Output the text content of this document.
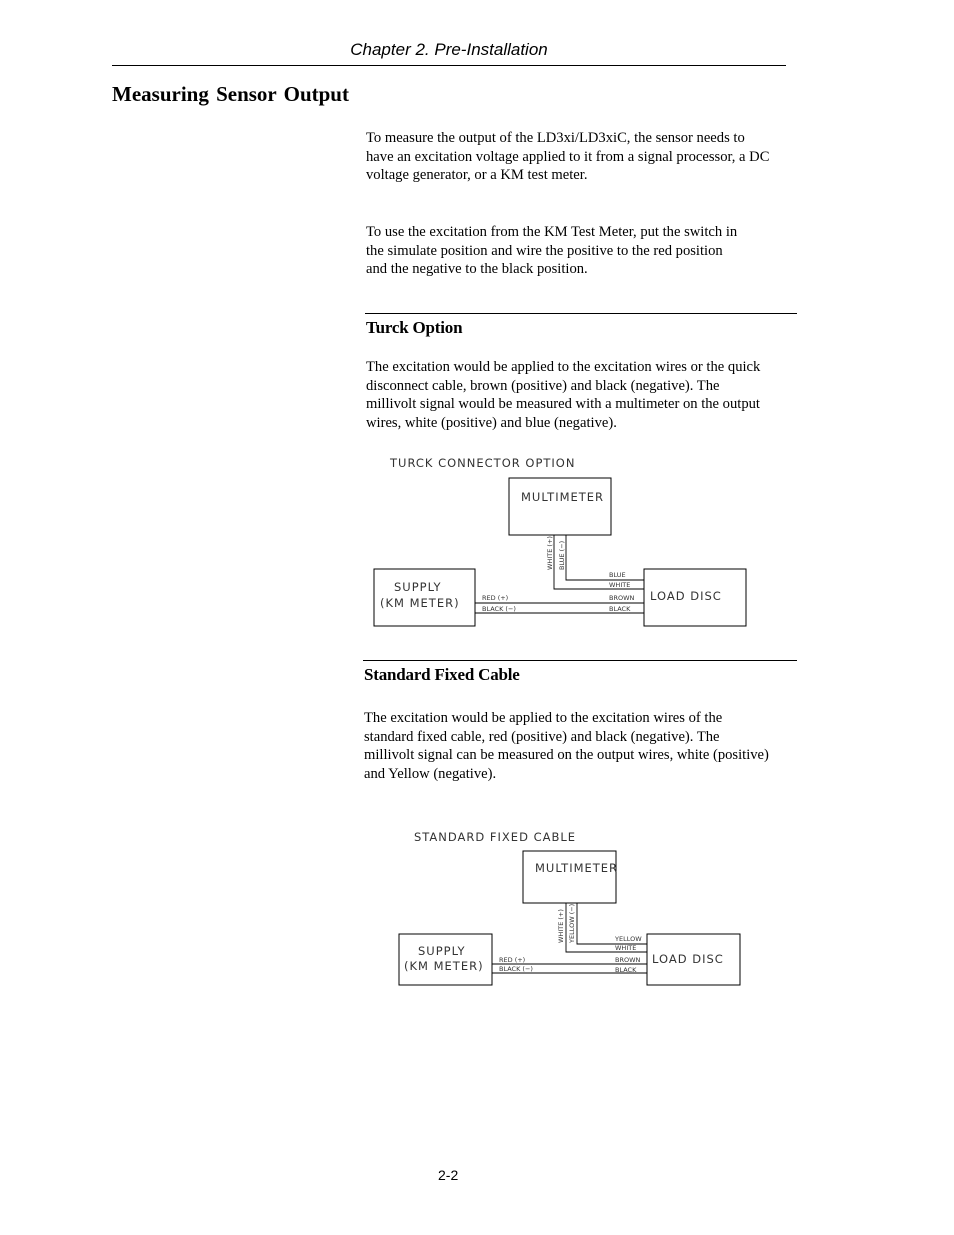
Chapter 2. Pre-Installation
Measuring Sensor Output
To measure the output of the LD3xi/LD3xiC, the sensor needs to
have an excitation voltage applied to it from a signal processor, a DC
voltage generator, or a KM test meter.
To use the excitation from the KM Test Meter, put the switch in
the simulate position and wire the positive to the red position
and the negative to the black position.
Turck Option
The excitation would be applied to the excitation wires or the quick
disconnect cable, brown (positive) and black (negative). The
millivolt signal would be measured with a multimeter on the output
wires, white (positive) and blue (negative).
TURCK CONNECTOR OPTION
MULTIMETER
SUPPLY
(KM METER)	LOAD DISC
WHITE (+) BLUE (−)
RED (+)
BLACK (−)
BLUE
WHITE
BROWN
BLACK
Standard Fixed Cable
The excitation would be applied to the excitation wires of the
standard fixed cable, red (positive) and black (negative). The
millivolt signal can be measured on the output wires, white (positive)
and Yellow (negative).
STANDARD FIXED CABLE
MULTIMETER
SUPPLY
(KM METER)	LOAD DISC
WHITE (+) YELLOW (−)
RED (+)
BLACK (−)
YELLOW
WHITE
BROWN
BLACK
2-2
